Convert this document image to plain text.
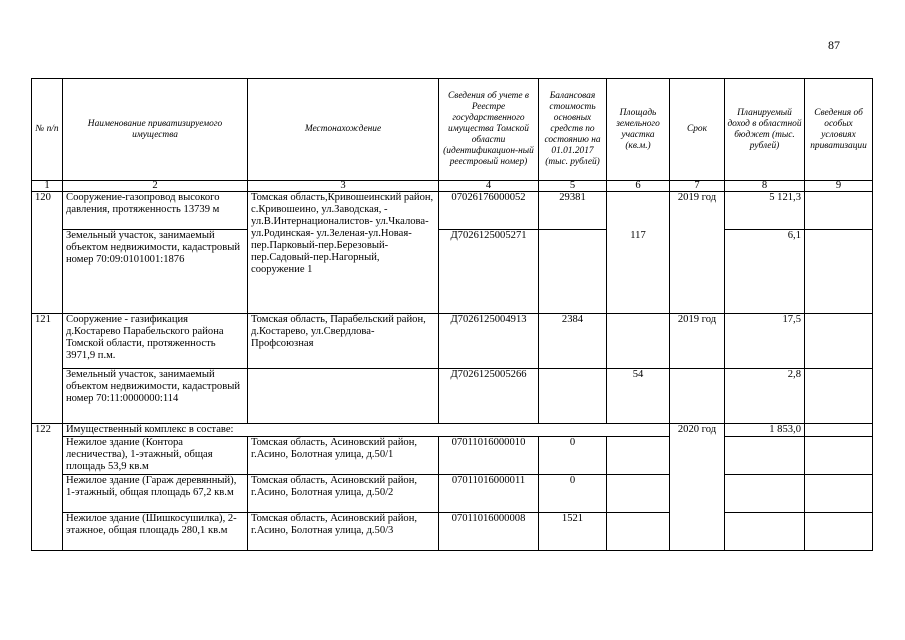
87
№ п/п	Наименование приватизируемого имущества	Местонахождение	Сведения об учете в Реестре государственного имущества Томской области (идентификацион-ный реестровый номер)	Балансовая стоимость основных средств по состоянию на 01.01.2017 (тыс. рублей)	Площадь земельного участка (кв.м.)	Срок	Планируемый доход в областной бюджет (тыс. рублей)	Сведения об особых условиях приватизации
1	2	3	4	5	6	7	8	9
120	Сооружение-газопровод высокого давления, протяженность 13739 м	Томская область,Кривошеинский район, с.Кривошеино, ул.Заводская, - ул.В.Интернационалистов- ул.Чкалова-ул.Родинская- ул.Зеленая-ул.Новая- пер.Парковый-пер.Березовый- пер.Садовый-пер.Нагорный, сооружение 1	07026176000052	29381		2019 год	5 121,3	
	Земельный участок, занимаемый объектом недвижимости, кадастровый номер 70:09:0101001:1876		Д7026125005271		117		6,1	
121	Сооружение - газификация д.Костарево Парабельского района Томской области, протяженность 3971,9 п.м.	Томская область, Парабельский район, д.Костарево, ул.Свердлова-Профсоюзная	Д7026125004913	2384		2019 год	17,5	
	Земельный участок, занимаемый объектом недвижимости, кадастровый номер 70:11:0000000:114		Д7026125005266		54		2,8	
122	Имущественный комплекс в составе:					2020 год	1 853,0	
	Нежилое здание (Контора лесничества), 1-этажный, общая площадь 53,9 кв.м	Томская область, Асиновский район, г.Асино, Болотная улица, д.50/1	07011016000010	0				
	Нежилое здание (Гараж деревянный), 1-этажный, общая площадь 67,2 кв.м	Томская область, Асиновский район, г.Асино, Болотная улица, д.50/2	07011016000011	0				
	Нежилое здание (Шишкосушилка), 2-этажное, общая площадь 280,1 кв.м	Томская область, Асиновский район, г.Асино, Болотная улица, д.50/3	07011016000008	1521				
